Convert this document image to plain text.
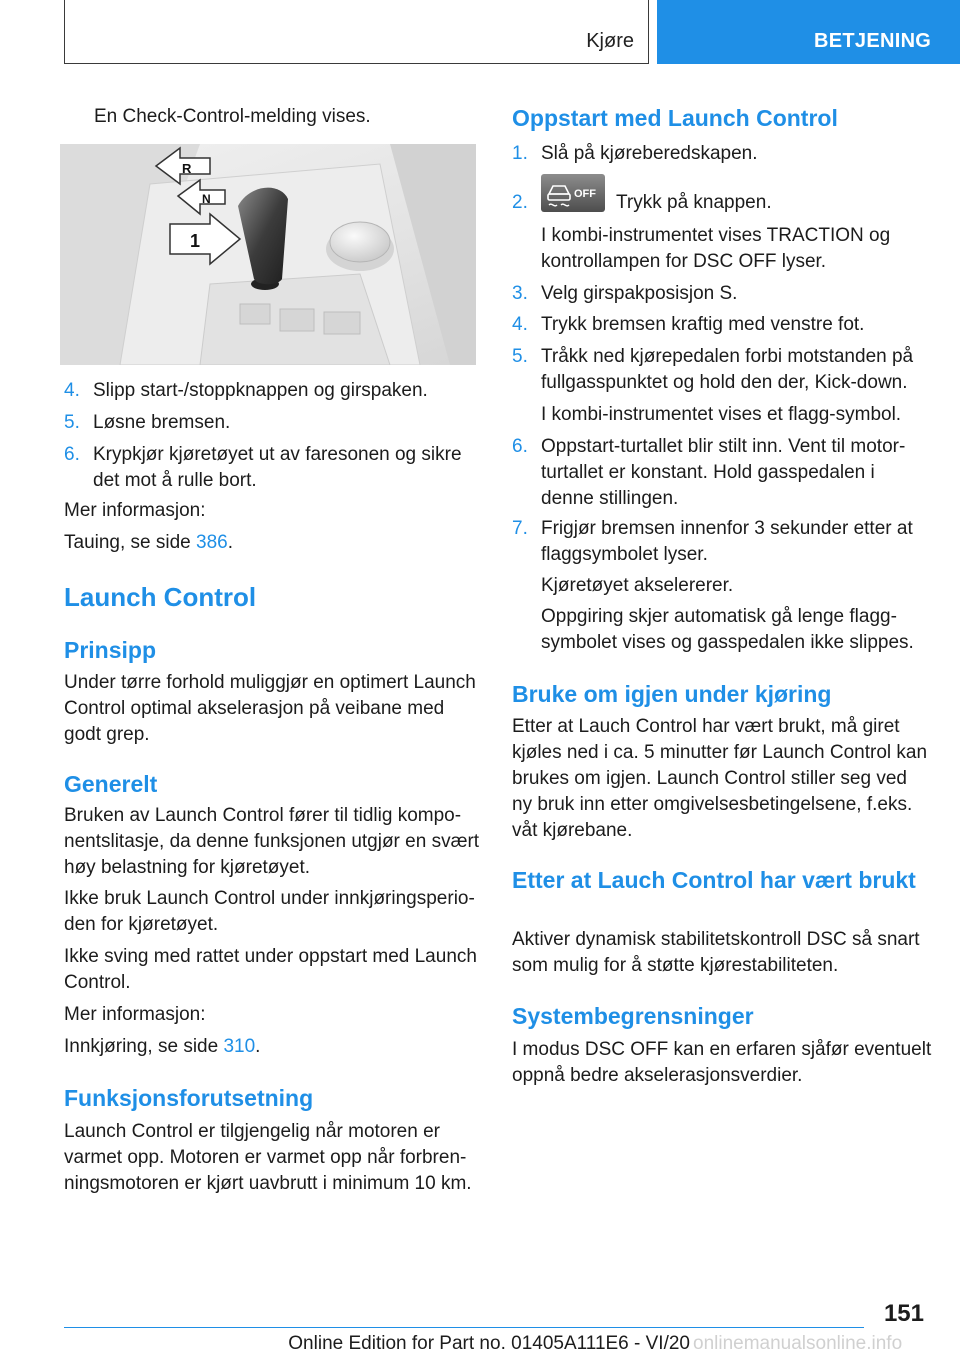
Kjøre	BETJENING
En Check-Control-melding vises.
R
N
1
4. Slipp start-/stoppknappen og girspaken.
5. Løsne bremsen.
6. Krypkjør kjøretøyet ut av faresonen og sikre det mot å rulle bort.
Mer informasjon:
Tauing, se side 386.
Launch Control
Prinsipp
Under tørre forhold muliggjør en optimert Launch Control optimal akselerasjon på veibane med godt grep.
Generelt
Bruken av Launch Control fører til tidlig komponentslitasje, da denne funksjonen utgjør en svært høy belastning for kjøretøyet.
Ikke bruk Launch Control under innkjøringsperioden for kjøretøyet.
Ikke sving med rattet under oppstart med Launch Control.
Mer informasjon:
Innkjøring, se side 310.
Funksjonsforutsetning
Launch Control er tilgjengelig når motoren er varmet opp. Motoren er varmet opp når forbrenningsmotoren er kjørt uavbrutt i minimum 10 km.
Oppstart med Launch Control
1. Slå på kjøreberedskapen.
2.	OFF Trykk på knappen.
I kombi-instrumentet vises TRACTION og kontrollampen for DSC OFF lyser.
3. Velg girspakposisjon S.
4. Trykk bremsen kraftig med venstre fot.
5. Tråkk ned kjørepedalen forbi motstanden på fullgasspunktet og hold den der, Kick-down.
I kombi-instrumentet vises et flagg-symbol.
6. Oppstart-turtallet blir stilt inn. Vent til motorturtallet er konstant. Hold gasspedalen i denne stillingen.
7. Frigjør bremsen innenfor 3 sekunder etter at flaggsymbolet lyser.
Kjøretøyet akselererer.
Oppgiring skjer automatisk gå lenge flaggsymbolet vises og gasspedalen ikke slippes.
Bruke om igjen under kjøring
Etter at Lauch Control har vært brukt, må giret kjøles ned i ca. 5 minutter før Launch Control kan brukes om igjen. Launch Control stiller seg ved ny bruk inn etter omgivelsesbetingelsene, f.eks. våt kjørebane.
Etter at Lauch Control har vært brukt
Aktiver dynamisk stabilitetskontroll DSC så snart som mulig for å støtte kjørestabiliteten.
Systembegrensninger
I modus DSC OFF kan en erfaren sjåfør eventuelt oppnå bedre akselerasjonsverdier.
151
Online Edition for Part no. 01405A111E6 - VI/20 onlinemanualsonline.info
